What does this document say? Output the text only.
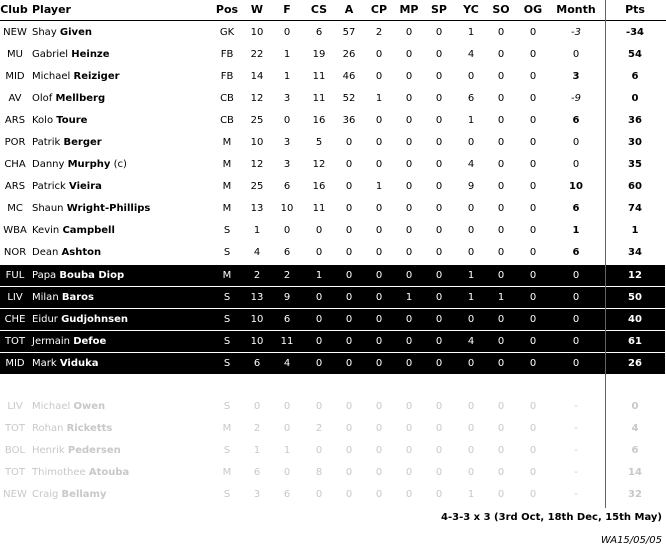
Club Player	Pos	W	F	CS	A	CP	MP	SP	YC	SO	OG	Month	Pts
NEW Shay Given	GK	10	0	6	57	2	0	0	1	0	0	-3	-34
MU Gabriel Heinze	FB	22	1	19	26	0	0	0	4	0	0	0	54
MID Michael Reiziger	FB	14	1	11	46	0	0	0	0	0	0	3	6
AV	Olof Mellberg	CB	12	3	11	52	1	0	0	6	0	0	-9	0
ARS Kolo Toure	CB	25	0	16	36	0	0	0	1	0	0	6	36
POR Patrik Berger	M	10	3	5	0	0	0	0	0	0	0	0	30
CHA Danny Murphy (c)	M	12	3	12	0	0	0	0	4	0	0	0	35
ARS Patrick Vieira	M	25	6	16	0	1	0	0	9	0	0	10	60
MC Shaun Wright-Phillips	M	13	10	11	0	0	0	0	0	0	0	6	74
WBA Kevin Campbell	S	1	0	0	0	0	0	0	0	0	0	1	1
NOR Dean Ashton	S	4	6	0	0	0	0	0	0	0	0	6	34
FUL Papa Bouba Diop	M	2	2	1	0	0	0	0	1	0	0	0	12
LIV Milan Baros	S	13	9	0	0	0	1	0	1	1	0	0	50
CHE Eidur Gudjohnsen	S	10	6	0	0	0	0	0	0	0	0	0	40
TOT Jermain Defoe	S	10	11	0	0	0	0	0	4	0	0	0	61
MID Mark Viduka	S	6	4	0	0	0	0	0	0	0	0	0	26
LIV Michael Owen	S	0	0	0	0	0	0	0	0	0	0	-	0
TOT Rohan Ricketts	M	2	0	2	0	0	0	0	0	0	0	-	4
BOL Henrik Pedersen	S	1	1	0	0	0	0	0	0	0	0	-	6
TOT Thimothee Atouba	M	6	0	8	0	0	0	0	0	0	0	-	14
NEW Craig Bellamy	S	3	6	0	0	0	0	0	1	0	0	-	32
4-3-3 x 3 (3rd Oct, 18th Dec, 15th May)
WA15/05/05
